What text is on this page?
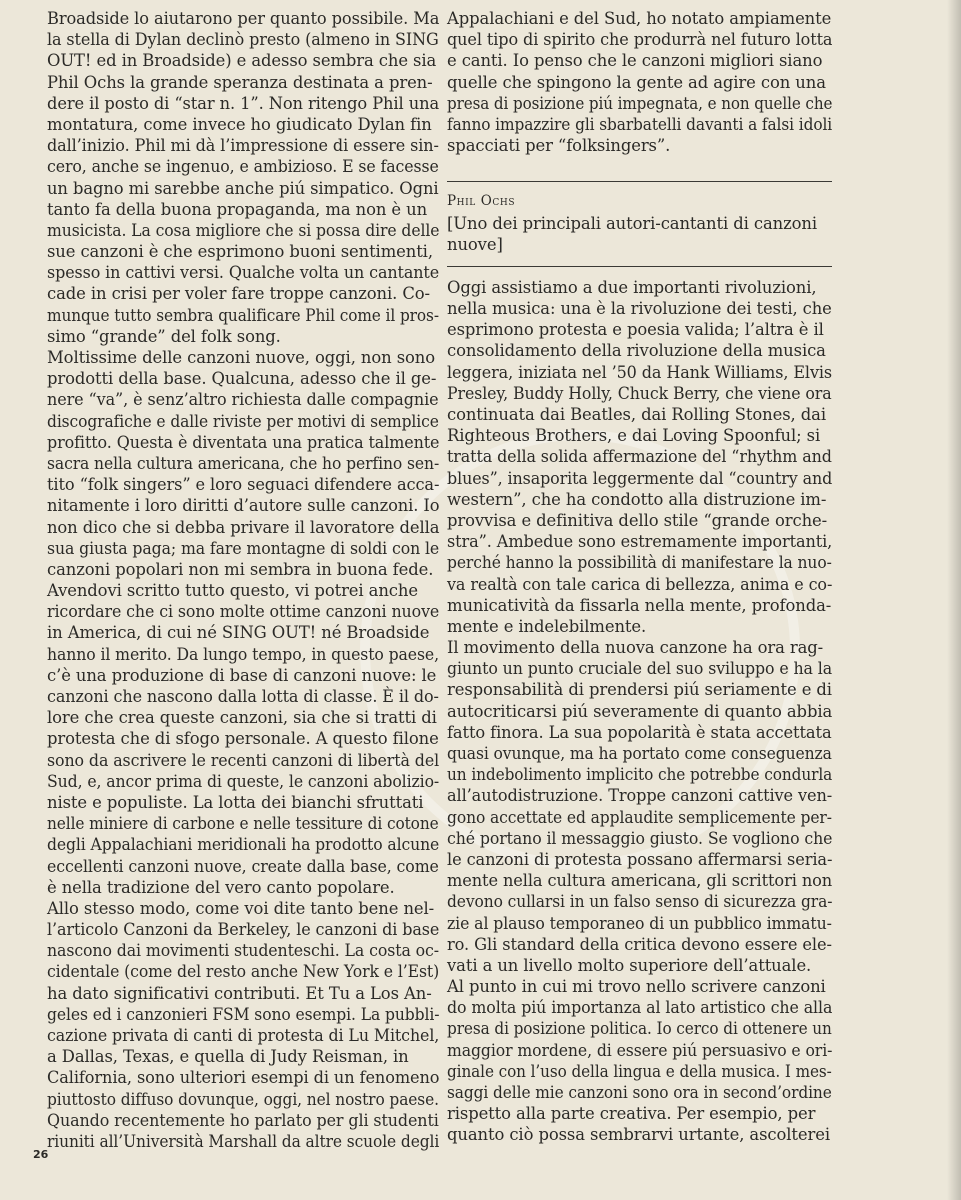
Broadside lo aiutarono per quanto possibile. Ma
la stella di Dylan declinò presto (almeno in SING
OUT! ed in Broadside) e adesso sembra che sia
Phil Ochs la grande speranza destinata a pren-
dere il posto di “star n. 1”. Non ritengo Phil una
montatura, come invece ho giudicato Dylan fin
dall’inizio. Phil mi dà l’impressione di essere sin-
cero, anche se ingenuo, e ambizioso. E se facesse
un bagno mi sarebbe anche piú simpatico. Ogni
tanto fa della buona propaganda, ma non è un
musicista. La cosa migliore che si possa dire delle
sue canzoni è che esprimono buoni sentimenti,
spesso in cattivi versi. Qualche volta un cantante
cade in crisi per voler fare troppe canzoni. Co-
munque tutto sembra qualificare Phil come il pros-
simo “grande” del folk song.
Moltissime delle canzoni nuove, oggi, non sono
prodotti della base. Qualcuna, adesso che il ge-
nere “va”, è senz’altro richiesta dalle compagnie
discografiche e dalle riviste per motivi di semplice
profitto. Questa è diventata una pratica talmente
sacra nella cultura americana, che ho perfino sen-
tito “folk singers” e loro seguaci difendere acca-
nitamente i loro diritti d’autore sulle canzoni. Io
non dico che si debba privare il lavoratore della
sua giusta paga; ma fare montagne di soldi con le
canzoni popolari non mi sembra in buona fede.
Avendovi scritto tutto questo, vi potrei anche
ricordare che ci sono molte ottime canzoni nuove
in America, di cui né SING OUT! né Broadside
hanno il merito. Da lungo tempo, in questo paese,
c’è una produzione di base di canzoni nuove: le
canzoni che nascono dalla lotta di classe. È il do-
lore che crea queste canzoni, sia che si tratti di
protesta che di sfogo personale. A questo filone
sono da ascrivere le recenti canzoni di libertà del
Sud, e, ancor prima di queste, le canzoni abolizio-
niste e populiste. La lotta dei bianchi sfruttati
nelle miniere di carbone e nelle tessiture di cotone
degli Appalachiani meridionali ha prodotto alcune
eccellenti canzoni nuove, create dalla base, come
è nella tradizione del vero canto popolare.
Allo stesso modo, come voi dite tanto bene nel-
l’articolo Canzoni da Berkeley, le canzoni di base
nascono dai movimenti studenteschi. La costa oc-
cidentale (come del resto anche New York e l’Est)
ha dato significativi contributi. Et Tu a Los An-
geles ed i canzonieri FSM sono esempi. La pubbli-
cazione privata di canti di protesta di Lu Mitchel,
a Dallas, Texas, e quella di Judy Reisman, in
California, sono ulteriori esempi di un fenomeno
piuttosto diffuso dovunque, oggi, nel nostro paese.
Quando recentemente ho parlato per gli studenti
riuniti all’Università Marshall da altre scuole degli
Appalachiani e del Sud, ho notato ampiamente
quel tipo di spirito che produrrà nel futuro lotta
e canti. Io penso che le canzoni migliori siano
quelle che spingono la gente ad agire con una
presa di posizione piú impegnata, e non quelle che
fanno impazzire gli sbarbatelli davanti a falsi idoli
spacciati per “folksingers”.
Phil Ochs
[Uno dei principali autori-cantanti di canzoni
nuove]
Oggi assistiamo a due importanti rivoluzioni,
nella musica: una è la rivoluzione dei testi, che
esprimono protesta e poesia valida; l’altra è il
consolidamento della rivoluzione della musica
leggera, iniziata nel ’50 da Hank Williams, Elvis
Presley, Buddy Holly, Chuck Berry, che viene ora
continuata dai Beatles, dai Rolling Stones, dai
Righteous Brothers, e dai Loving Spoonful; si
tratta della solida affermazione del “rhythm and
blues”, insaporita leggermente dal “country and
western”, che ha condotto alla distruzione im-
provvisa e definitiva dello stile “grande orche-
stra”. Ambedue sono estremamente importanti,
perché hanno la possibilità di manifestare la nuo-
va realtà con tale carica di bellezza, anima e co-
municatività da fissarla nella mente, profonda-
mente e indelebilmente.
Il movimento della nuova canzone ha ora rag-
giunto un punto cruciale del suo sviluppo e ha la
responsabilità di prendersi piú seriamente e di
autocriticarsi piú severamente di quanto abbia
fatto finora. La sua popolarità è stata accettata
quasi ovunque, ma ha portato come conseguenza
un indebolimento implicito che potrebbe condurla
all’autodistruzione. Troppe canzoni cattive ven-
gono accettate ed applaudite semplicemente per-
ché portano il messaggio giusto. Se vogliono che
le canzoni di protesta possano affermarsi seria-
mente nella cultura americana, gli scrittori non
devono cullarsi in un falso senso di sicurezza gra-
zie al plauso temporaneo di un pubblico immatu-
ro. Gli standard della critica devono essere ele-
vati a un livello molto superiore dell’attuale.
Al punto in cui mi trovo nello scrivere canzoni
do molta piú importanza al lato artistico che alla
presa di posizione politica. Io cerco di ottenere un
maggior mordene, di essere piú persuasivo e ori-
ginale con l’uso della lingua e della musica. I mes-
saggi delle mie canzoni sono ora in second’ordine
rispetto alla parte creativa. Per esempio, per
quanto ciò possa sembrarvi urtante, ascolterei
26
